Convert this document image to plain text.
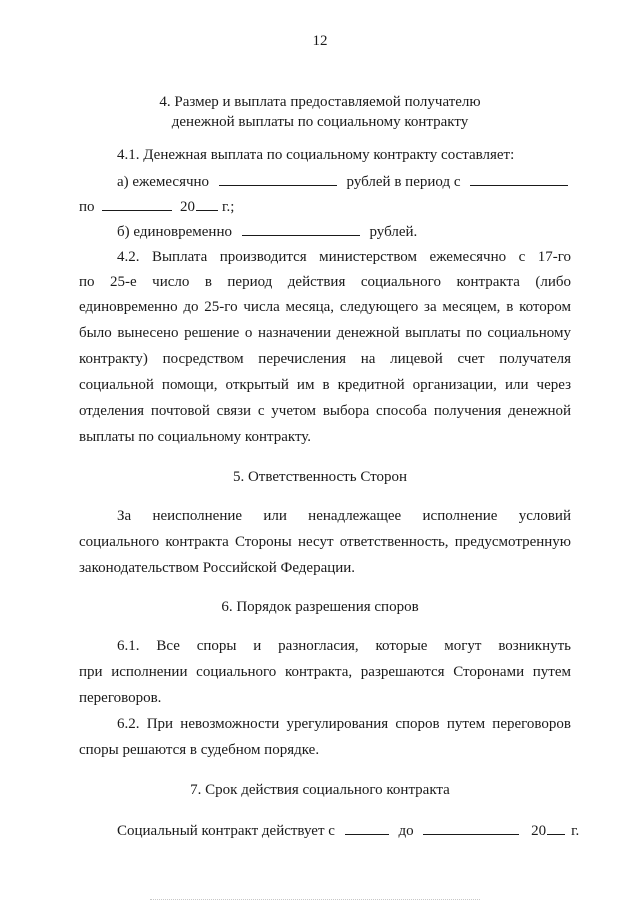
12
4. Размер и выплата предоставляемой получателю
денежной выплаты по социальному контракту
4.1. Денежная выплата по социальному контракту составляет:
а) ежемесячно	рублей в период с
по	20 г.;
б) единовременно	рублей.
4.2. Выплата производится министерством ежемесячно с 17-го
по 25-е число в период действия социального контракта (либо
единовременно до 25-го числа месяца, следующего за месяцем, в котором
было вынесено решение о назначении денежной выплаты по социальному
контракту) посредством перечисления на лицевой счет получателя
социальной помощи, открытый им в кредитной организации, или через
отделения почтовой связи с учетом выбора способа получения денежной
выплаты по социальному контракту.
5. Ответственность Сторон
За неисполнение или ненадлежащее исполнение условий
социального контракта Стороны несут ответственность, предусмотренную
законодательством Российской Федерации.
6. Порядок разрешения споров
6.1. Все споры и разногласия, которые могут возникнуть
при исполнении социального контракта, разрешаются Сторонами путем
переговоров.
6.2. При невозможности урегулирования споров путем переговоров
споры решаются в судебном порядке.
7. Срок действия социального контракта
Социальный контракт действует с	до	20 г.
